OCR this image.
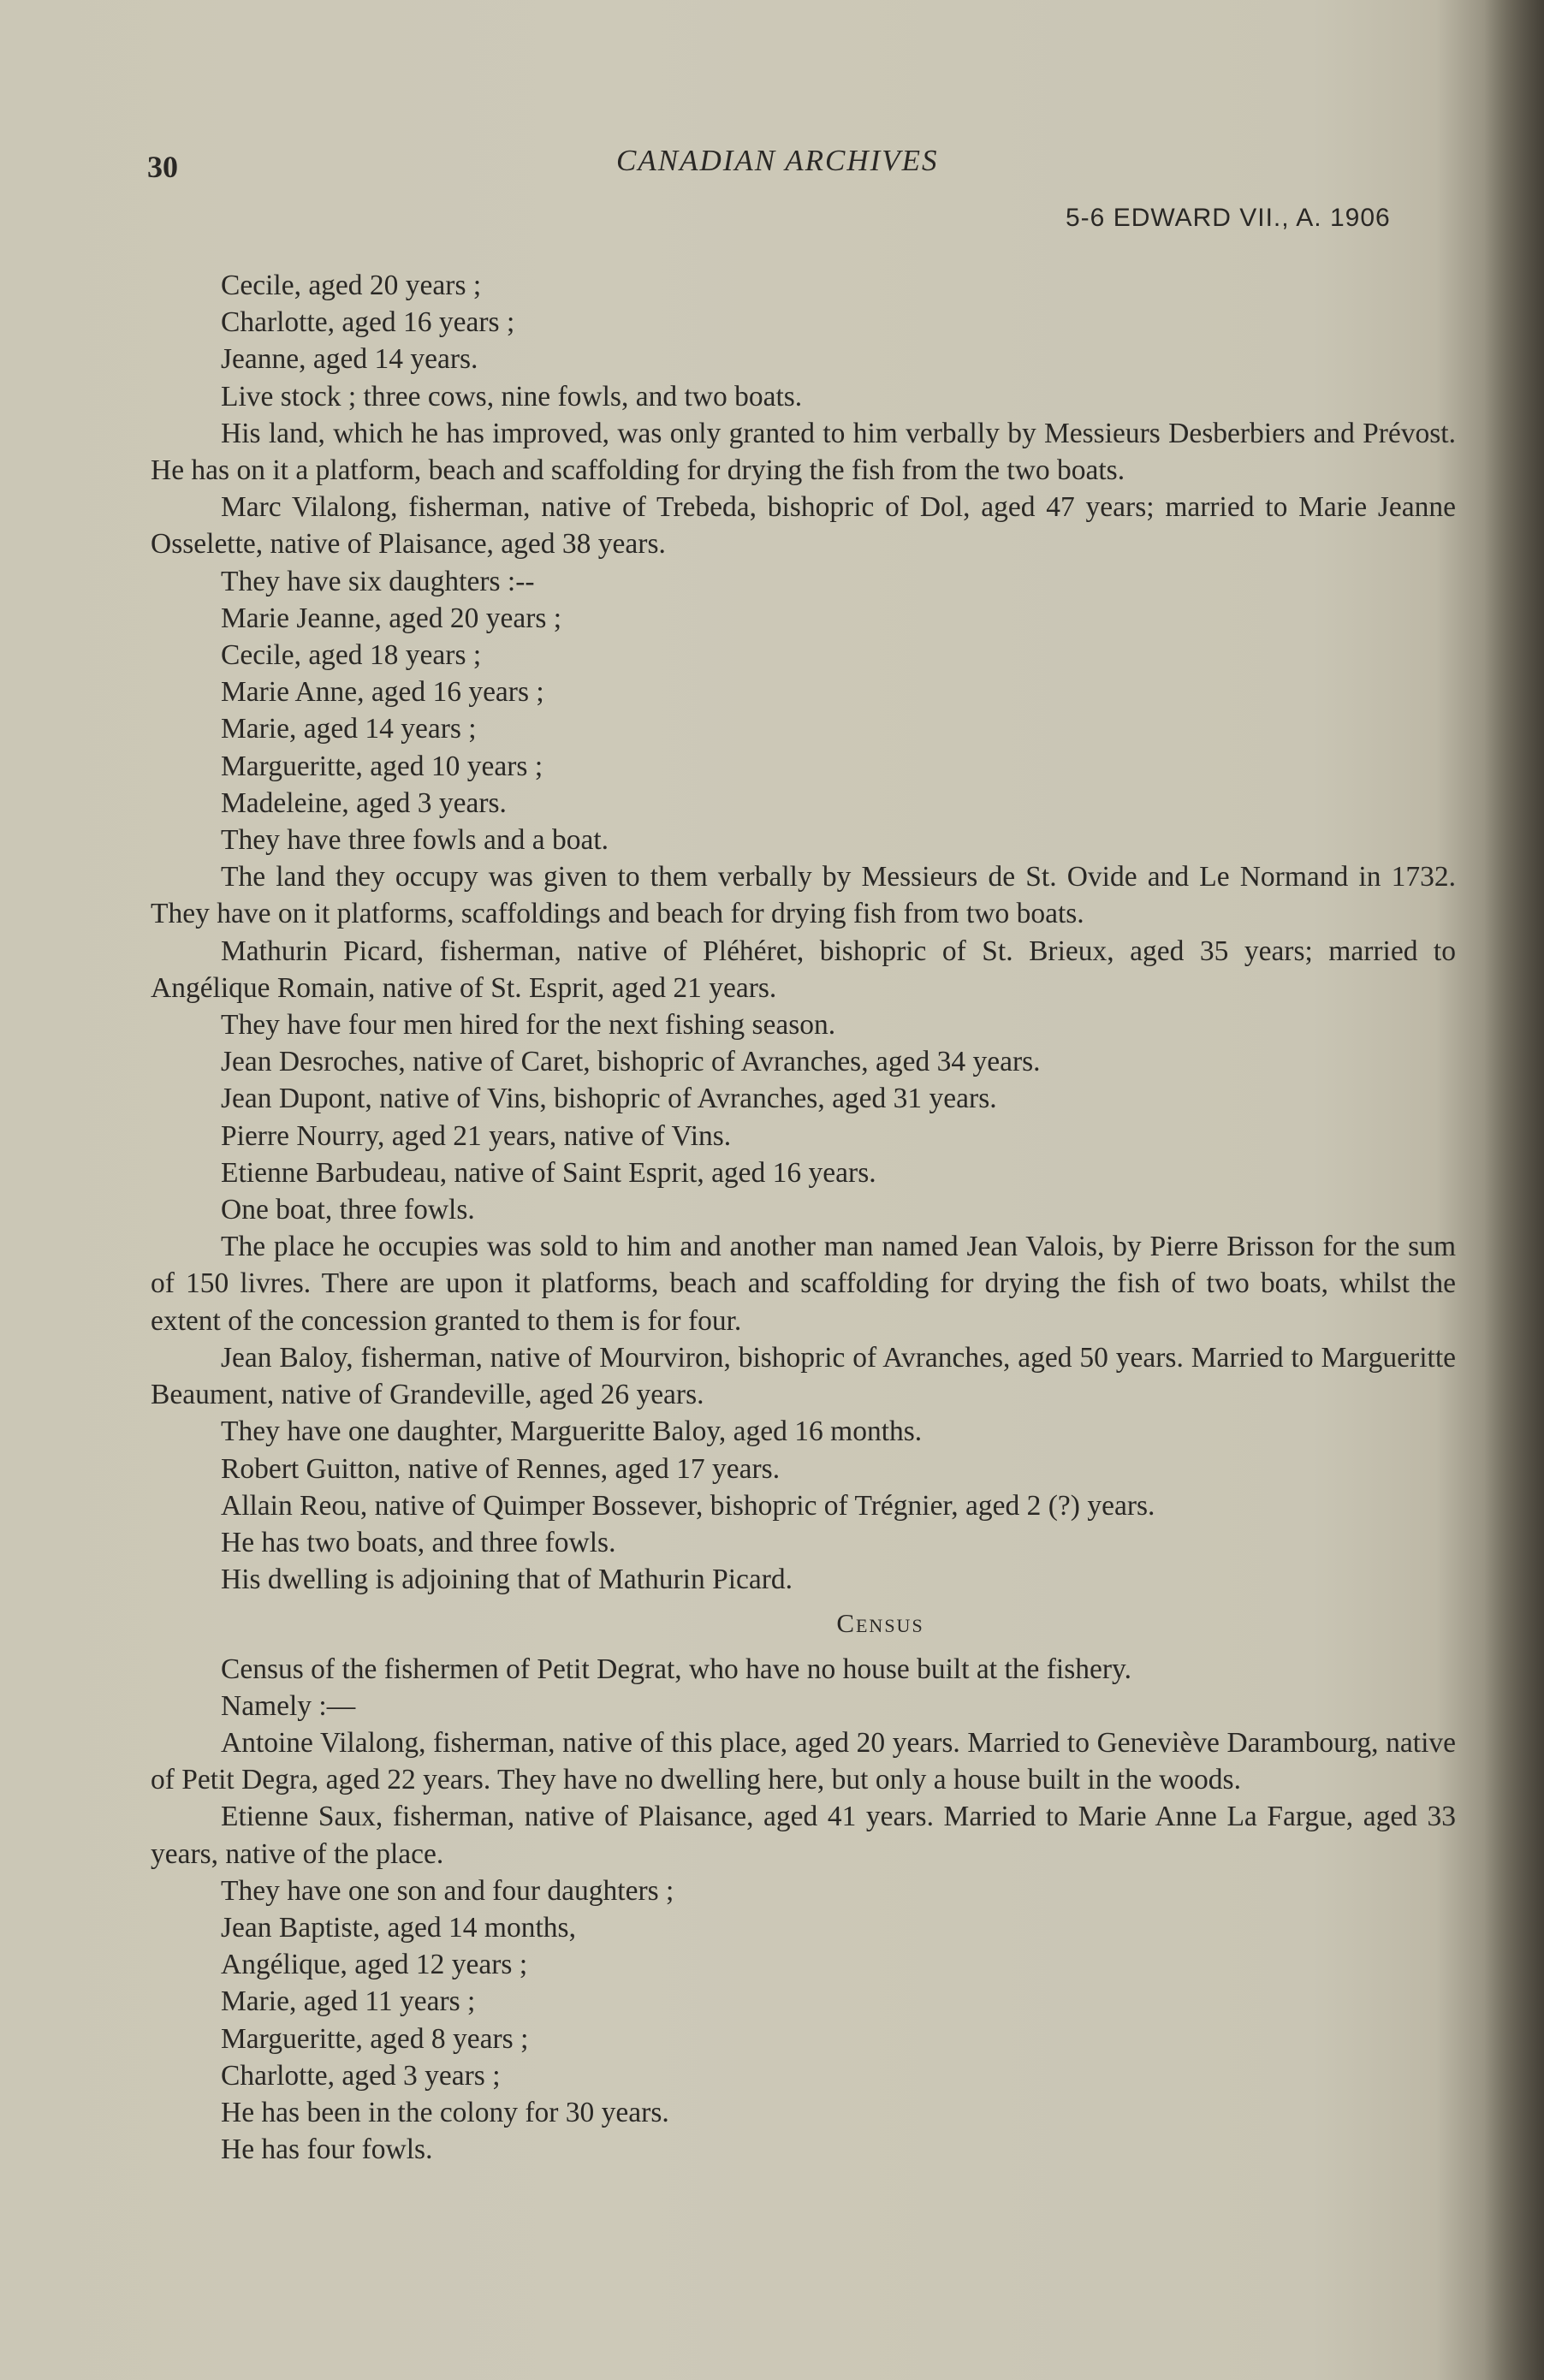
30	CANADIAN ARCHIVES
5-6 EDWARD VII., A. 1906

Cecile, aged 20 years ;

Charlotte, aged 16 years ;

Jeanne, aged 14 years.

Live stock ; three cows, nine fowls, and two boats.

His land, which he has improved, was only granted to him verbally by Messieurs Desberbiers and Prévost. He has on it a platform, beach and scaffolding for drying the fish from the two boats.

Marc Vilalong, fisherman, native of Trebeda, bishopric of Dol, aged 47 years; married to Marie Jeanne Osselette, native of Plaisance, aged 38 years.

They have six daughters :--

Marie Jeanne, aged 20 years ;

Cecile, aged 18 years ;

Marie Anne, aged 16 years ;

Marie, aged 14 years ;

Margueritte, aged 10 years ;

Madeleine, aged 3 years.

They have three fowls and a boat.

The land they occupy was given to them verbally by Messieurs de St. Ovide and Le Normand in 1732. They have on it platforms, scaffoldings and beach for drying fish from two boats.

Mathurin Picard, fisherman, native of Pléhéret, bishopric of St. Brieux, aged 35 years; married to Angélique Romain, native of St. Esprit, aged 21 years.

They have four men hired for the next fishing season.

Jean Desroches, native of Caret, bishopric of Avranches, aged 34 years.

Jean Dupont, native of Vins, bishopric of Avranches, aged 31 years.

Pierre Nourry, aged 21 years, native of Vins.

Etienne Barbudeau, native of Saint Esprit, aged 16 years.

One boat, three fowls.

The place he occupies was sold to him and another man named Jean Valois, by Pierre Brisson for the sum of 150 livres. There are upon it platforms, beach and scaffolding for drying the fish of two boats, whilst the extent of the concession granted to them is for four.

Jean Baloy, fisherman, native of Mourviron, bishopric of Avranches, aged 50 years. Married to Margueritte Beaument, native of Grandeville, aged 26 years.

They have one daughter, Margueritte Baloy, aged 16 months.

Robert Guitton, native of Rennes, aged 17 years.

Allain Reou, native of Quimper Bossever, bishopric of Trégnier, aged 2 (?) years.

He has two boats, and three fowls.

His dwelling is adjoining that of Mathurin Picard.

Census

Census of the fishermen of Petit Degrat, who have no house built at the fishery.

Namely :—

Antoine Vilalong, fisherman, native of this place, aged 20 years. Married to Geneviève Darambourg, native of Petit Degra, aged 22 years. They have no dwelling here, but only a house built in the woods.

Etienne Saux, fisherman, native of Plaisance, aged 41 years. Married to Marie Anne La Fargue, aged 33 years, native of the place.

They have one son and four daughters ;

Jean Baptiste, aged 14 months,

Angélique, aged 12 years ;

Marie, aged 11 years ;

Margueritte, aged 8 years ;

Charlotte, aged 3 years ;

He has been in the colony for 30 years.

He has four fowls.
